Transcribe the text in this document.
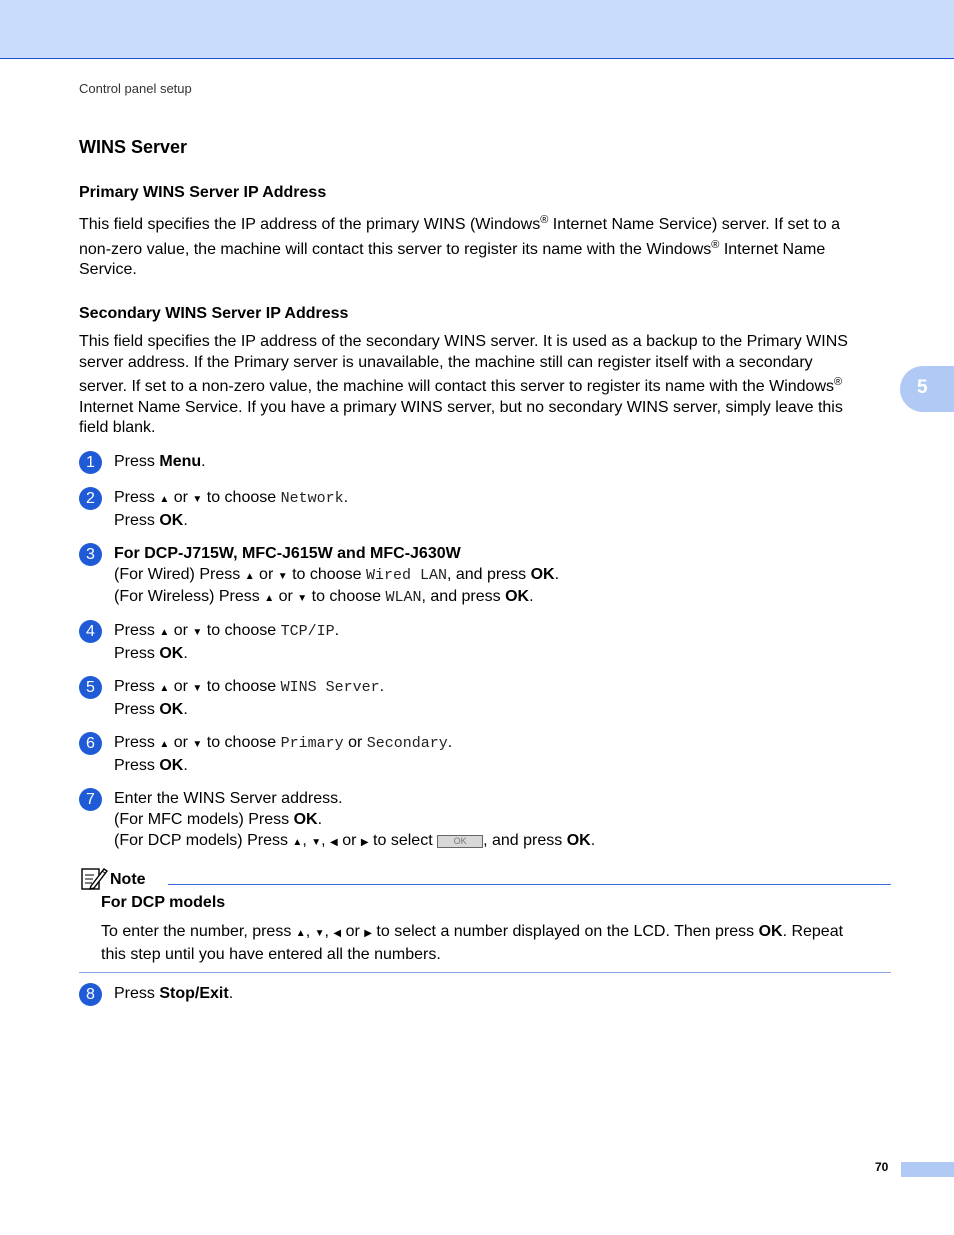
Control panel setup
WINS Server
Primary WINS Server IP Address
This field specifies the IP address of the primary WINS (Windows® Internet Name Service) server. If set to a
non-zero value, the machine will contact this server to register its name with the Windows® Internet Name
Service.
Secondary WINS Server IP Address
This field specifies the IP address of the secondary WINS server. It is used as a backup to the Primary WINS
server address. If the Primary server is unavailable, the machine still can register itself with a secondary
server. If set to a non-zero value, the machine will contact this server to register its name with the Windows®
Internet Name Service. If you have a primary WINS server, but no secondary WINS server, simply leave this
field blank.
5
1	Press Menu.
2	Press ▲ or ▼ to choose Network.
Press OK.
3	For DCP-J715W, MFC-J615W and MFC-J630W
(For Wired) Press ▲ or ▼ to choose Wired LAN, and press OK.
(For Wireless) Press ▲ or ▼ to choose WLAN, and press OK.
4	Press ▲ or ▼ to choose TCP/IP.
Press OK.
5	Press ▲ or ▼ to choose WINS Server.
Press OK.
6	Press ▲ or ▼ to choose Primary or Secondary.
Press OK.
7	Enter the WINS Server address.
(For MFC models) Press OK.
(For DCP models) Press ▲, ▼, ◀ or ▶ to select OK , and press OK.
Note
For DCP models
To enter the number, press ▲, ▼, ◀ or ▶ to select a number displayed on the LCD. Then press OK. Repeat
this step until you have entered all the numbers.
8	Press Stop/Exit.
70
